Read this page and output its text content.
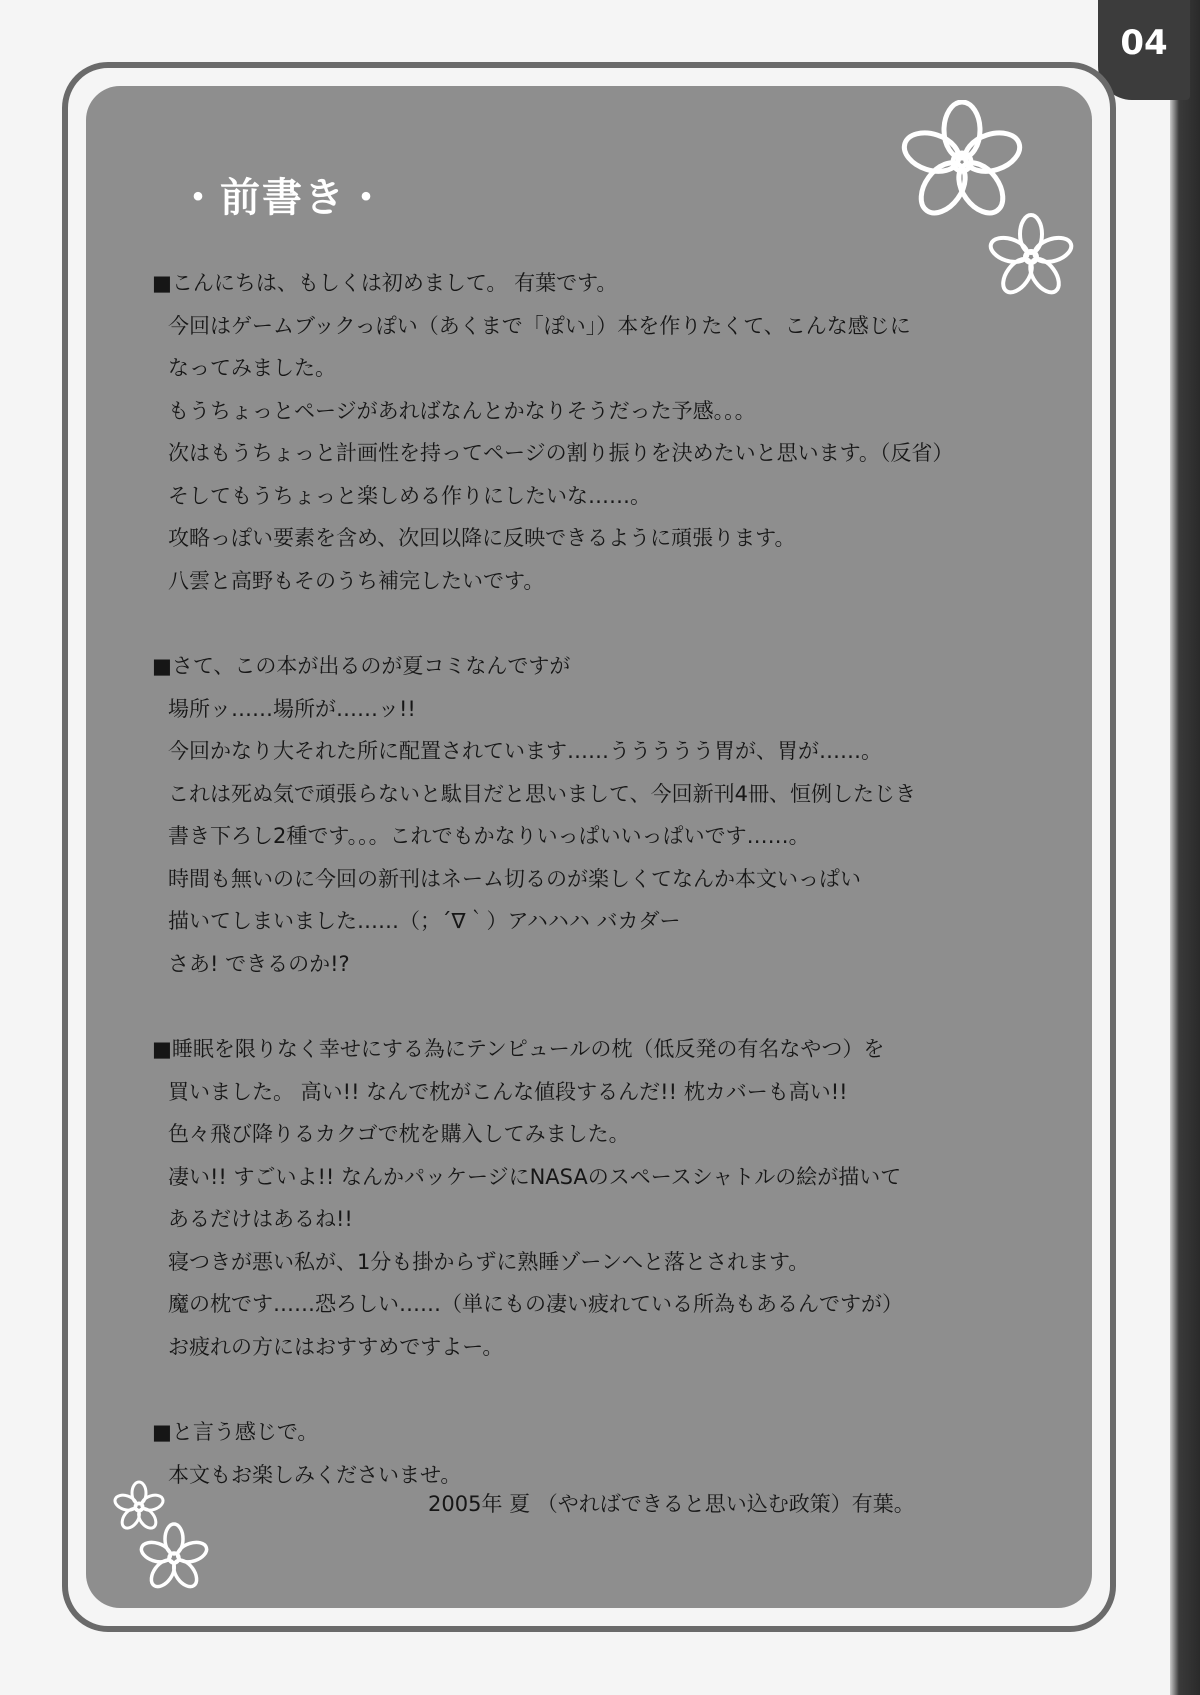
04
・前書き・
■こんにちは、もしくは初めまして。 有葉です。
今回はゲームブックっぽい（あくまで「ぽい」）本を作りたくて、こんな感じに
なってみました。
もうちょっとページがあればなんとかなりそうだった予感。。。
次はもうちょっと計画性を持ってページの割り振りを決めたいと思います。（反省）
そしてもうちょっと楽しめる作りにしたいな……。
攻略っぽい要素を含め、次回以降に反映できるように頑張ります。
八雲と高野もそのうち補完したいです。
■さて、この本が出るのが夏コミなんですが
場所ッ……場所が……ッ!!
今回かなり大それた所に配置されています……ううううう胃が、胃が……。
これは死ぬ気で頑張らないと駄目だと思いまして、今回新刊4冊、恒例したじき
書き下ろし2種です。。。これでもかなりいっぱいいっぱいです……。
時間も無いのに今回の新刊はネーム切るのが楽しくてなんか本文いっぱい
描いてしまいました……（；´∇｀）アハハハ バカダー
さあ! できるのか!?
■睡眠を限りなく幸せにする為にテンピュールの枕（低反発の有名なやつ）を
買いました。 高い!! なんで枕がこんな値段するんだ!! 枕カバーも高い!!
色々飛び降りるカクゴで枕を購入してみました。
凄い!! すごいよ!! なんかパッケージにNASAのスペースシャトルの絵が描いて
あるだけはあるね!!
寝つきが悪い私が、1分も掛からずに熟睡ゾーンへと落とされます。
魔の枕です……恐ろしい……（単にもの凄い疲れている所為もあるんですが）
お疲れの方にはおすすめですよー。
■と言う感じで。
本文もお楽しみくださいませ。
2005年 夏 （やればできると思い込む政策）有葉。
